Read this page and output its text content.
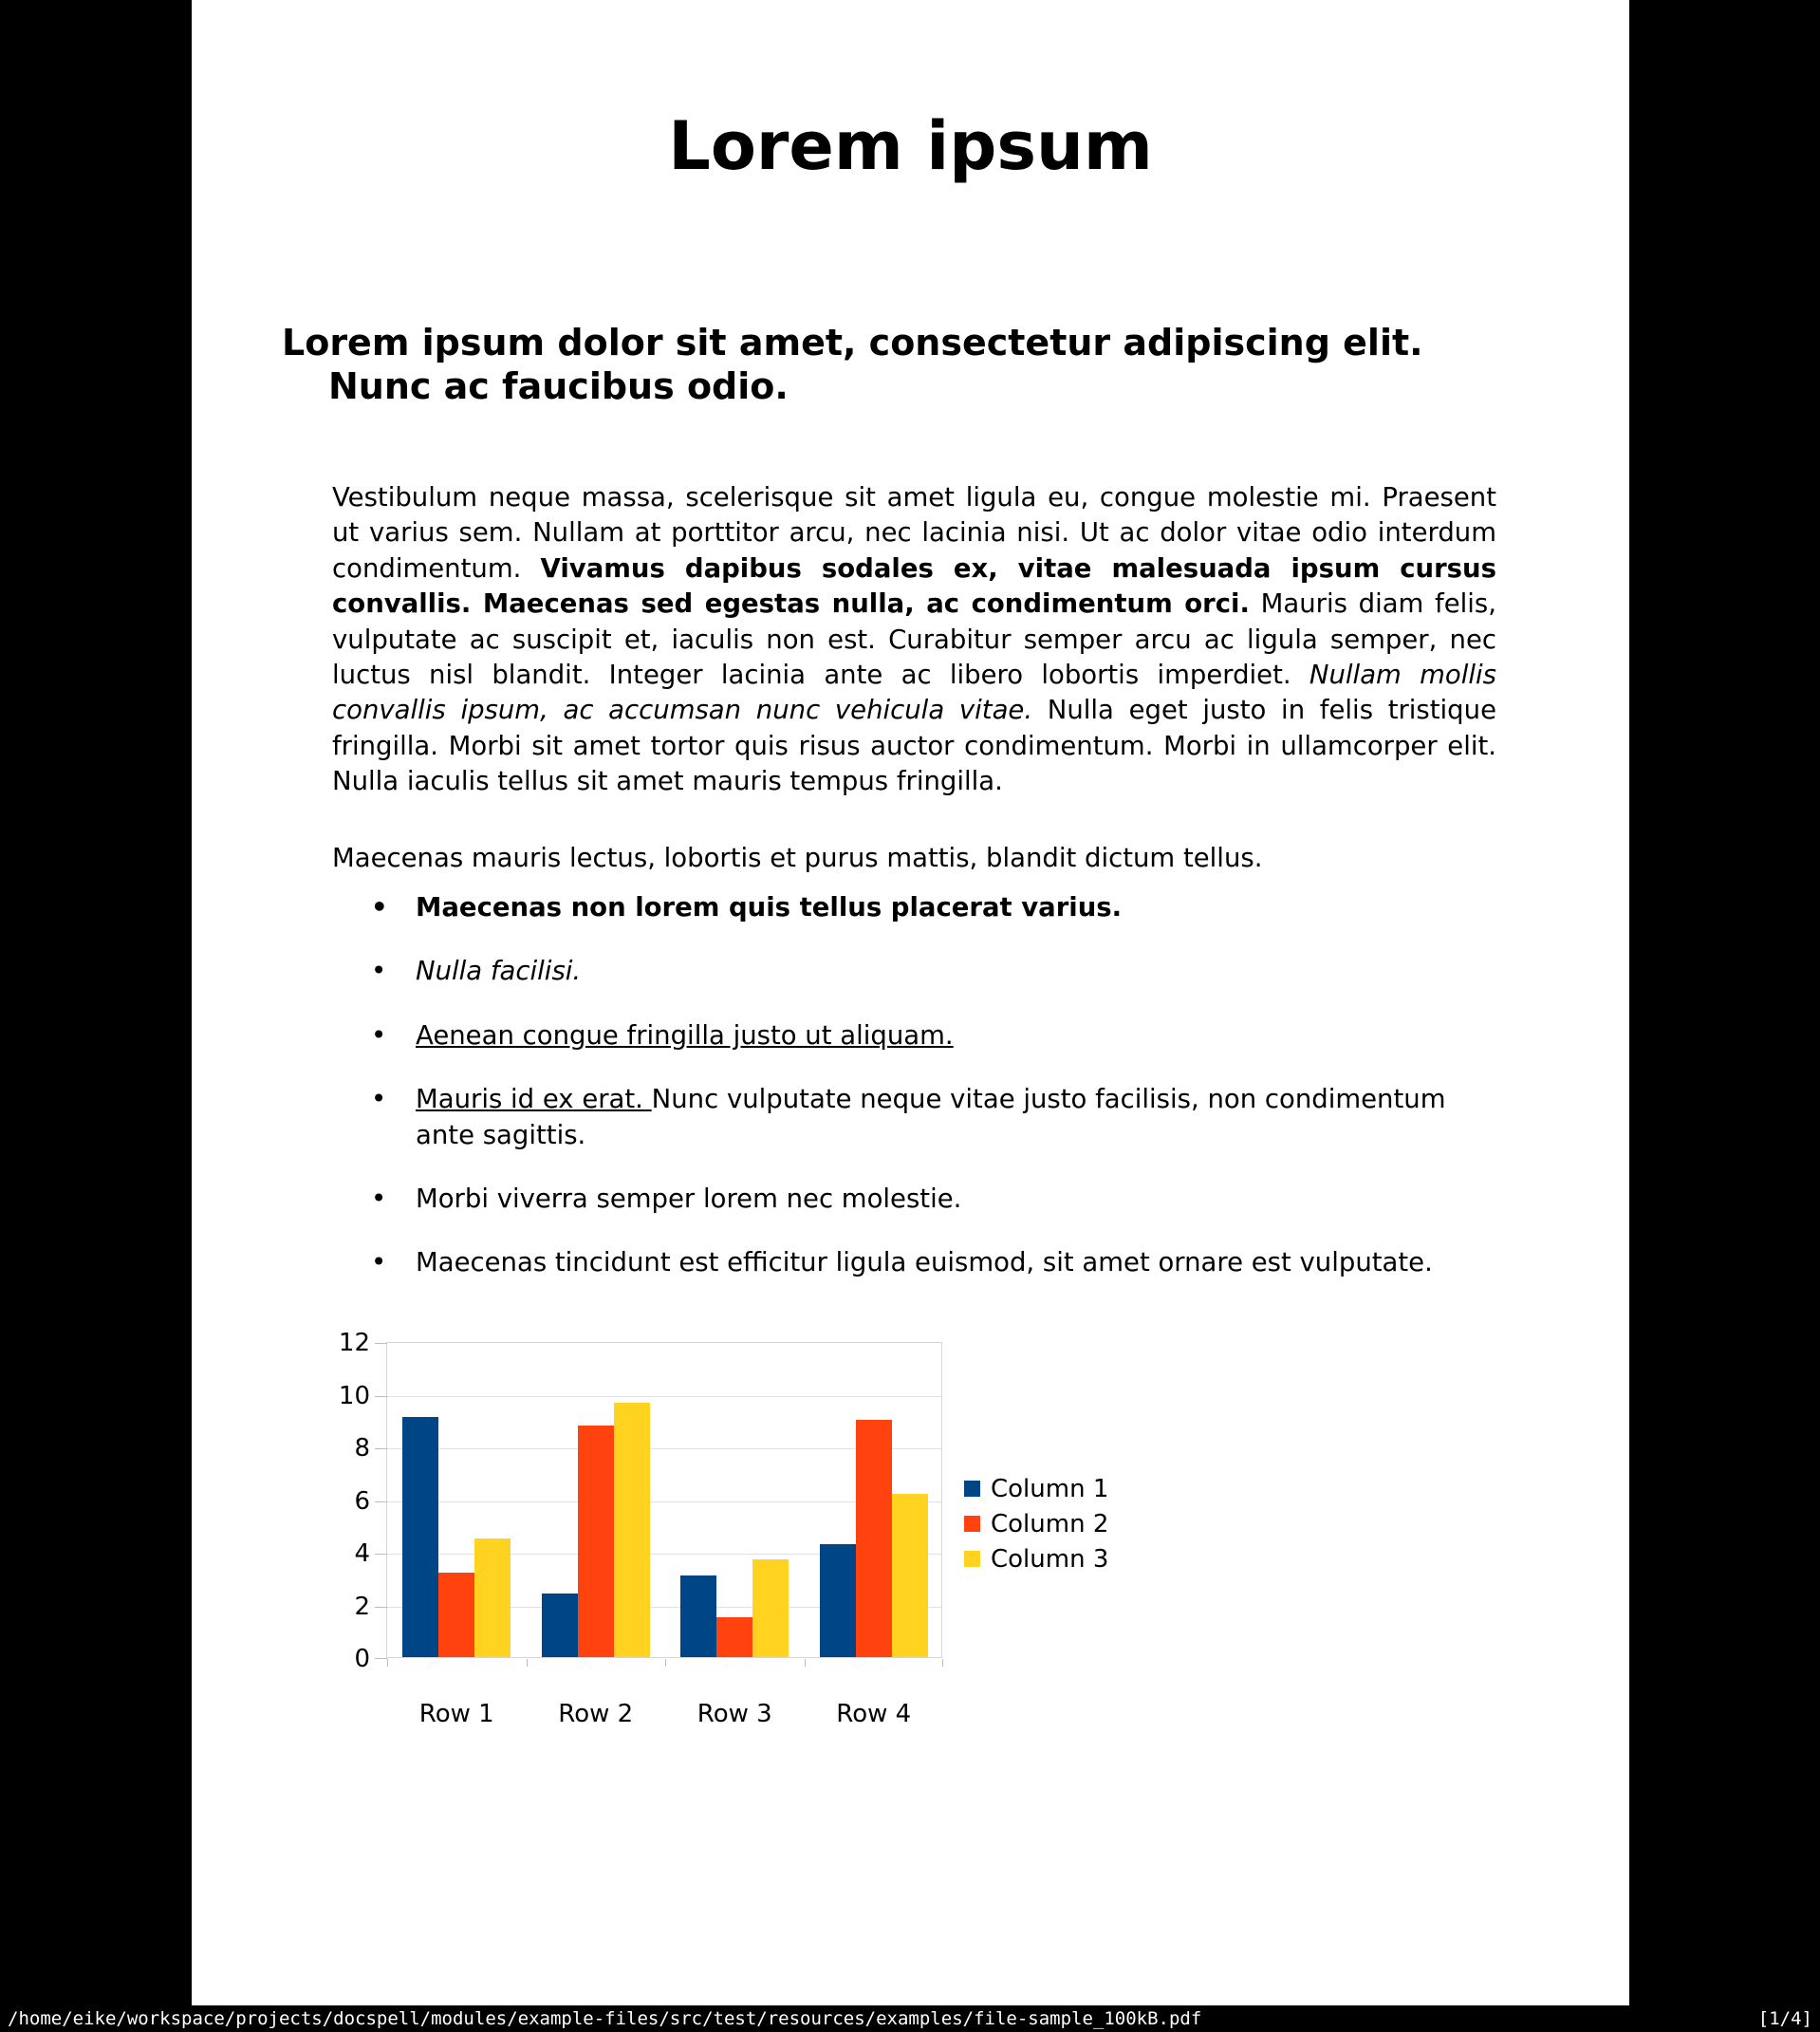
Lorem ipsum
Lorem ipsum dolor sit amet, consectetur adipiscing elit.
Nunc ac faucibus odio.

Vestibulum neque massa, scelerisque sit amet ligula eu, congue molestie mi. Praesent ut varius sem. Nullam at porttitor arcu, nec lacinia nisi. Ut ac dolor vitae odio interdum condimentum. Vivamus dapibus sodales ex, vitae malesuada ipsum cursus convallis. Maecenas sed egestas nulla, ac condimentum orci. Mauris diam felis, vulputate ac suscipit et, iaculis non est. Curabitur semper arcu ac ligula semper, nec luctus nisl blandit. Integer lacinia ante ac libero lobortis imperdiet. Nullam mollis convallis ipsum, ac accumsan nunc vehicula vitae. Nulla eget justo in felis tristique fringilla. Morbi sit amet tortor quis risus auctor condimentum. Morbi in ullamcorper elit. Nulla iaculis tellus sit amet mauris tempus fringilla.

Maecenas mauris lectus, lobortis et purus mattis, blandit dictum tellus.

• Maecenas non lorem quis tellus placerat varius.
• Nulla facilisi.
• Aenean congue fringilla justo ut aliquam.
• Mauris id ex erat. Nunc vulputate neque vitae justo facilisis, non condimentum ante sagittis.
• Morbi viverra semper lorem nec molestie.
• Maecenas tincidunt est efficitur ligula euismod, sit amet ornare est vulputate.
Column 1
Column 2
Column 3
0
2
4
6
8
10
12
Row 1	Row 2	Row 3	Row 4
/home/eike/workspace/projects/docspell/modules/example-files/src/test/resources/examples/file-sample_100kB.pdf	[1/4]
